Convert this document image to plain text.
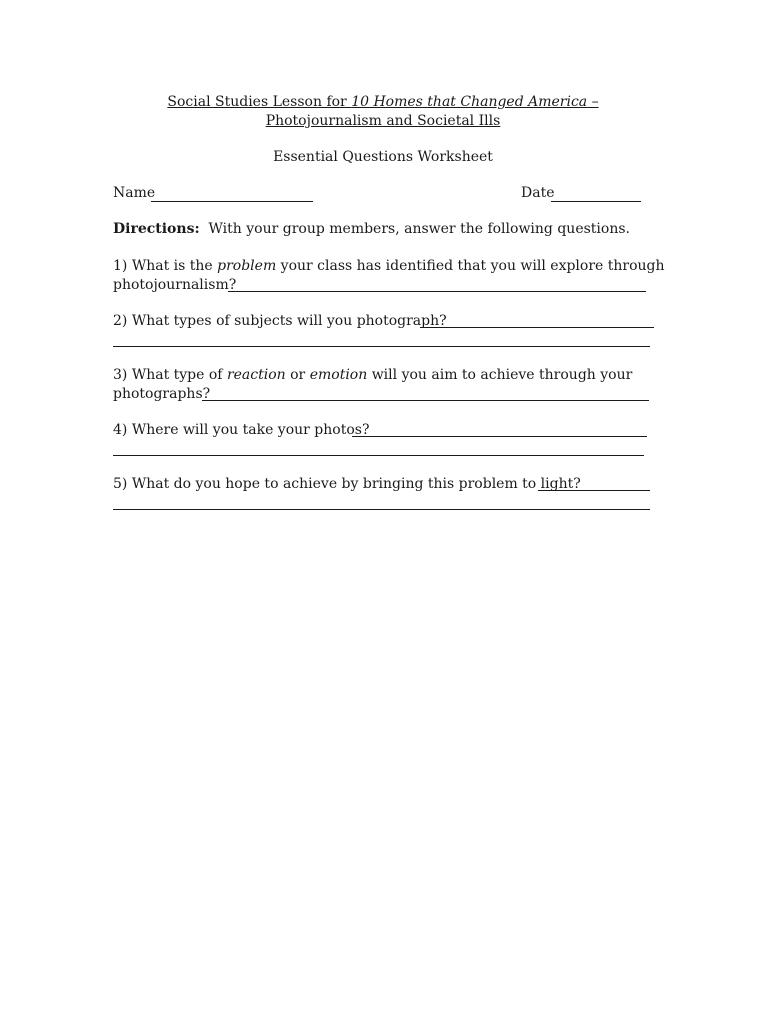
Social Studies Lesson for 10 Homes that Changed America – Photojournalism and Societal Ills
Essential Questions Worksheet
Name	Date
Directions: With your group members, answer the following questions.
1) What is the problem your class has identified that you will explore through
photojournalism?
2) What types of subjects will you photograph?
3) What type of reaction or emotion will you aim to achieve through your
photographs?
4) Where will you take your photos?
5) What do you hope to achieve by bringing this problem to light?
